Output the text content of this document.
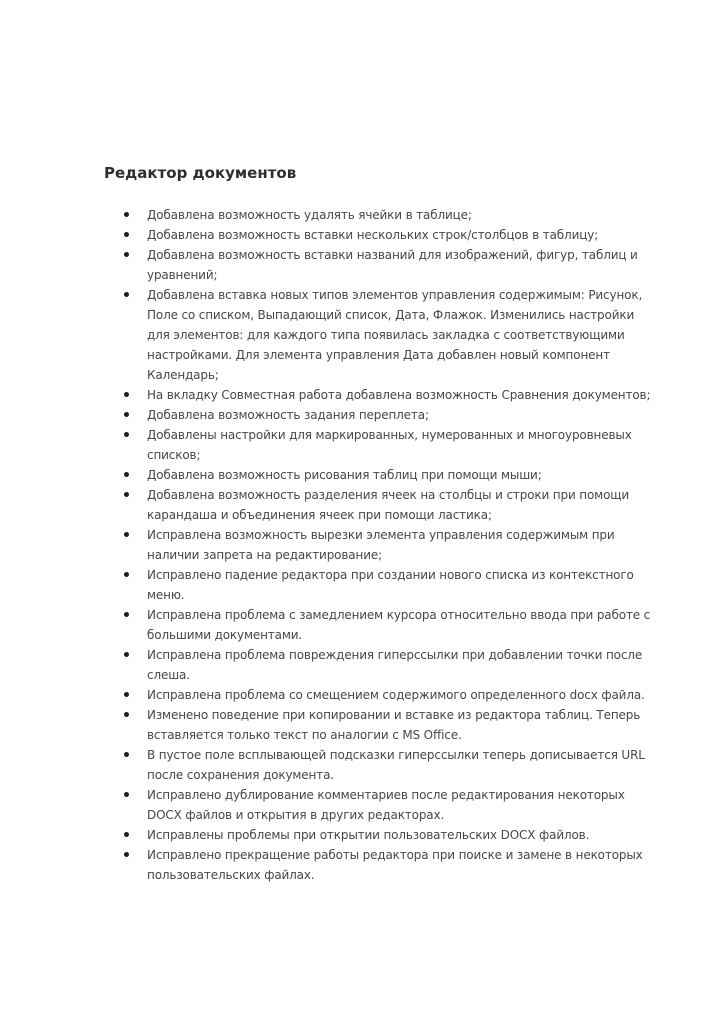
Редактор документов
Добавлена возможность удалять ячейки в таблице;
Добавлена возможность вставки нескольких строк/столбцов в таблицу;
Добавлена возможность вставки названий для изображений, фигур, таблиц и уравнений;
Добавлена вставка новых типов элементов управления содержимым: Рисунок, Поле со списком, Выпадающий список, Дата, Флажок. Изменились настройки для элементов: для каждого типа появилась закладка с соответствующими настройками. Для элемента управления Дата добавлен новый компонент Календарь;
На вкладку Совместная работа добавлена возможность Сравнения документов;
Добавлена возможность задания переплета;
Добавлены настройки для маркированных, нумерованных и многоуровневых списков;
Добавлена возможность рисования таблиц при помощи мыши;
Добавлена возможность разделения ячеек на столбцы и строки при помощи карандаша и объединения ячеек при помощи ластика;
Исправлена возможность вырезки элемента управления содержимым при наличии запрета на редактирование;
Исправлено падение редактора при создании нового списка из контекстного меню.
Исправлена проблема с замедлением курсора относительно ввода при работе с большими документами.
Исправлена проблема повреждения гиперссылки при добавлении точки после слеша.
Исправлена проблема со смещением содержимого определенного docx файла.
Изменено поведение при копировании и вставке из редактора таблиц. Теперь вставляется только текст по аналогии с MS Office.
В пустое поле всплывающей подсказки гиперссылки теперь дописывается URL после сохранения документа.
Исправлено дублирование комментариев после редактирования некоторых DOCX файлов и открытия в других редакторах.
Исправлены проблемы при открытии пользовательских DOCX файлов.
Исправлено прекращение работы редактора при поиске и замене в некоторых пользовательских файлах.
